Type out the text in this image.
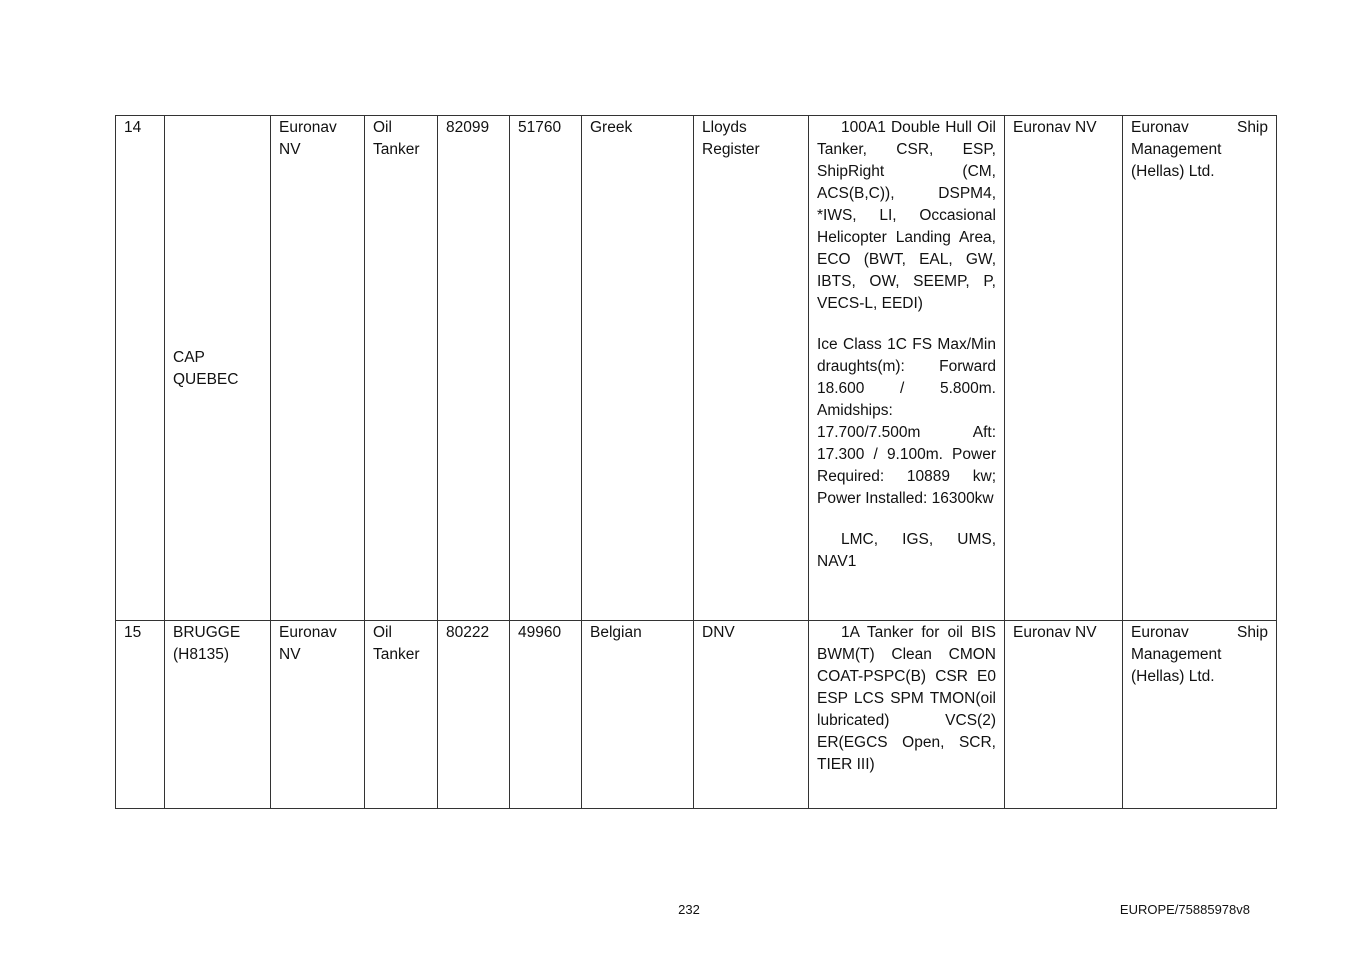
14	CAP QUEBEC	Euronav NV	Oil Tanker	82099	51760	Greek	Lloyds Register	100A1 Double Hull Oil Tanker, CSR, ESP, ShipRight (CM, ACS(B,C)), DSPM4, *IWS, LI, Occasional Helicopter Landing Area, ECO (BWT, EAL, GW, IBTS, OW, SEEMP, P, VECS-L, EEDI)

Ice Class 1C FS Max/Min draughts(m): Forward 18.600 / 5.800m. Amidships: 17.700/7.500m Aft: 17.300 / 9.100m. Power Required: 10889 kw; Power Installed: 16300kw

LMC, IGS, UMS, NAV1	Euronav NV	Euronav Ship Management (Hellas) Ltd.
15	BRUGGE (H8135)	Euronav NV	Oil Tanker	80222	49960	Belgian	DNV	1A Tanker for oil BIS BWM(T) Clean CMON COAT-PSPC(B) CSR E0 ESP LCS SPM TMON(oil lubricated) VCS(2) ER(EGCS Open, SCR, TIER III)	Euronav NV	Euronav Ship Management (Hellas) Ltd.
232	EUROPE/75885978v8
